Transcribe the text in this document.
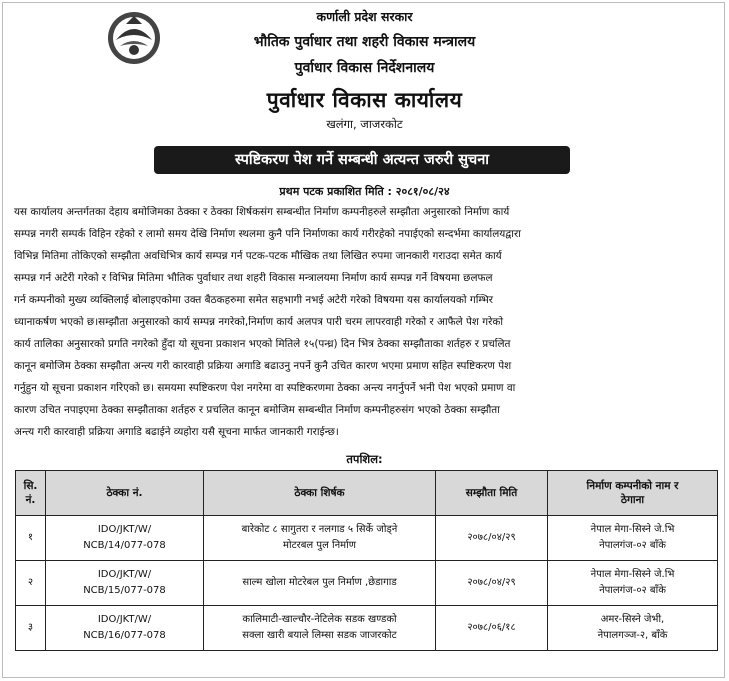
कर्णाली प्रदेश सरकार
भौतिक पुर्वाधार तथा शहरी विकास मन्त्रालय
पुर्वाधार विकास निर्देशनालय
पुर्वाधार विकास कार्यालय
खलंगा, जाजरकोट
स्पष्टिकरण पेश गर्ने सम्बन्धी अत्यन्त जरुरी सुचना
प्रथम पटक प्रकाशित मिति : २०८१/०८/२४
यस कार्यालय अन्तर्गतका देहाय बमोजिमका ठेक्का र ठेक्का शिर्षकसंग सम्बन्धीत निर्माण कम्पनीहरुले सम्झौता अनुसारको निर्माण कार्य
सम्पन्न नगरी सम्पर्क विहिन रहेको र लामो समय देखि निर्माण स्थलमा कुनै पनि निर्माणका कार्य गरीरहेको नपाईएको सन्दर्भमा कार्यालयद्वारा
विभिन्न मितिमा तोकिएको सम्झौता अवधिभित्र कार्य सम्पन्न गर्न पटक-पटक मौखिक तथा लिखित रुपमा जानकारी गराउदा समेत कार्य
सम्पन्न गर्न अटेरी गरेको र विभिन्न मितिमा भौतिक पुर्वाधार तथा शहरी विकास मन्त्रालयमा निर्माण कार्य सम्पन्न गर्ने विषयमा छलफल
गर्न कम्पनीको मुख्य व्यक्तिलाई बोलाइएकोमा उक्त बैठकहरुमा समेत सहभागी नभई अटेरी गरेको विषयमा यस कार्यालयको गम्भिर
ध्यानाकर्षण भएको छ।सम्झौता अनुसारको कार्य सम्पन्न नगरेको,निर्माण कार्य अलपत्र पारी चरम लापरवाही गरेको र आफैले पेश गरेको
कार्य तालिका अनुसारको प्रगति नगरेको हुँदा यो सूचना प्रकाशन भएको मितिले १५(पन्ध्र) दिन भित्र ठेक्का सम्झौताका शर्तहरु र प्रचलित
कानून बमोजिम ठेक्का सम्झौता अन्त्य गरी कारवाही प्रक्रिया अगाडि बढाउनु नपर्ने कुनै उचित कारण भएमा प्रमाण सहित स्पष्टिकरण पेश
गर्नुहुन यो सूचना प्रकाशन गरिएको छ। समयमा स्पष्टिकरण पेश नगरेमा वा स्पष्टिकरणमा ठेक्का अन्त्य नगर्नुपर्ने भनी पेश भएको प्रमाण वा
कारण उचित नपाइएमा ठेक्का सम्झौताका शर्तहरु र प्रचलित कानून बमोजिम सम्बन्धीत निर्माण कम्पनीहरुसंग भएको ठेक्का सम्झौता
अन्त्य गरी कारवाही प्रक्रिया अगाडि बढाईने व्यहोरा यसै सूचना मार्फत जानकारी गराईन्छ।
तपशिल:
सि.
नं.	ठेक्का नं.	ठेक्का शिर्षक	सम्झौता मिति	निर्माण कम्पनीको नाम र
ठेगाना

१	IDO/JKT/W/
NCB/14/077-078	बारेकोट ८ सागुतरा र नलगाड ५ सिर्के जोड्ने
मोटरबल पुल निर्माण	२०७८/०४/२९	नेपाल मेगा-सिस्ने जे.भि
नेपालगंज-०२ बाँके

२	IDO/JKT/W/
NCB/15/077-078	साल्म खोला मोटरेबल पुल निर्माण ,छेडागाड	२०७८/०४/२९	नेपाल मेगा-सिस्ने जे.भि
नेपालगंज-०२ बाँके

३	IDO/JKT/W/
NCB/16/077-078	कालिमाटी-खाल्चौर-नेटिलेक सडक खण्डको
सक्ला खारी बयाले लिम्सा सडक जाजरकोट	२०७८/०६/१८	अमर-सिस्ने जेभी,
नेपालगञ्ज-२, बाँके
